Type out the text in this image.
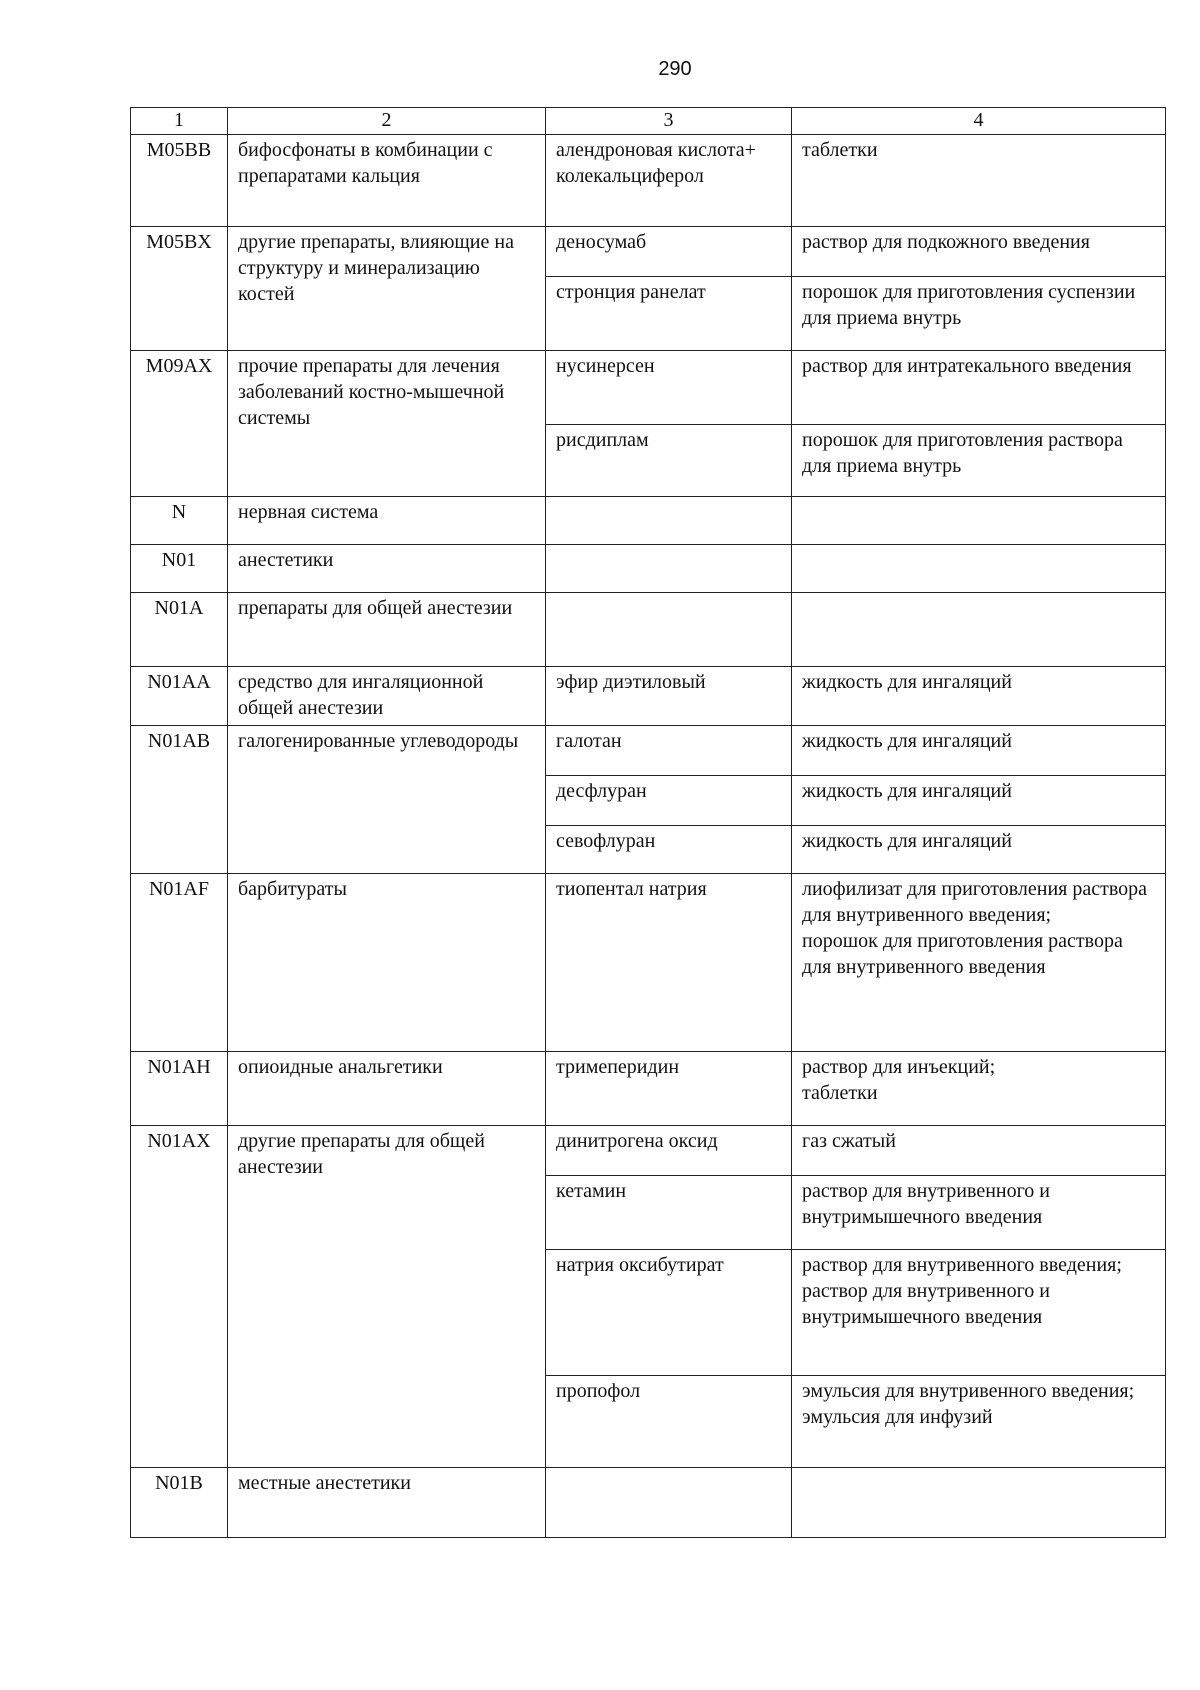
290
1	2	3	4
M05BB	бифосфонаты в комбинации с препаратами кальция	алендроновая кислота+ колекальциферол	таблетки

M05BX	другие препараты, влияющие на структуру и минерализацию костей	деносумаб	раствор для подкожного введения

		стронция ранелат	порошок для приготовления суспензии для приема внутрь

M09AX	прочие препараты для лечения заболеваний костно-мышечной системы	нусинерсен	раствор для интратекального введения

		рисдиплам	порошок для приготовления раствора для приема внутрь

N	нервная система		
N01	анестетики		
N01A	препараты для общей анестезии		
N01AA	средство для ингаляционной общей анестезии	эфир диэтиловый	жидкость для ингаляций

N01AB	галогенированные углеводороды	галотан	жидкость для ингаляций

		десфлуран	жидкость для ингаляций

		севофлуран	жидкость для ингаляций

N01AF	барбитураты	тиопентал натрия	лиофилизат для приготовления раствора для внутривенного введения;
порошок для приготовления раствора для внутривенного введения

N01AH	опиоидные анальгетики	тримеперидин	раствор для инъекций;
таблетки

N01AX	другие препараты для общей анестезии	динитрогена оксид	газ сжатый

		кетамин	раствор для внутривенного и внутримышечного введения

		натрия оксибутират	раствор для внутривенного введения;
раствор для внутривенного и внутримышечного введения

		пропофол	эмульсия для внутривенного введения;
эмульсия для инфузий

N01B	местные анестетики		
